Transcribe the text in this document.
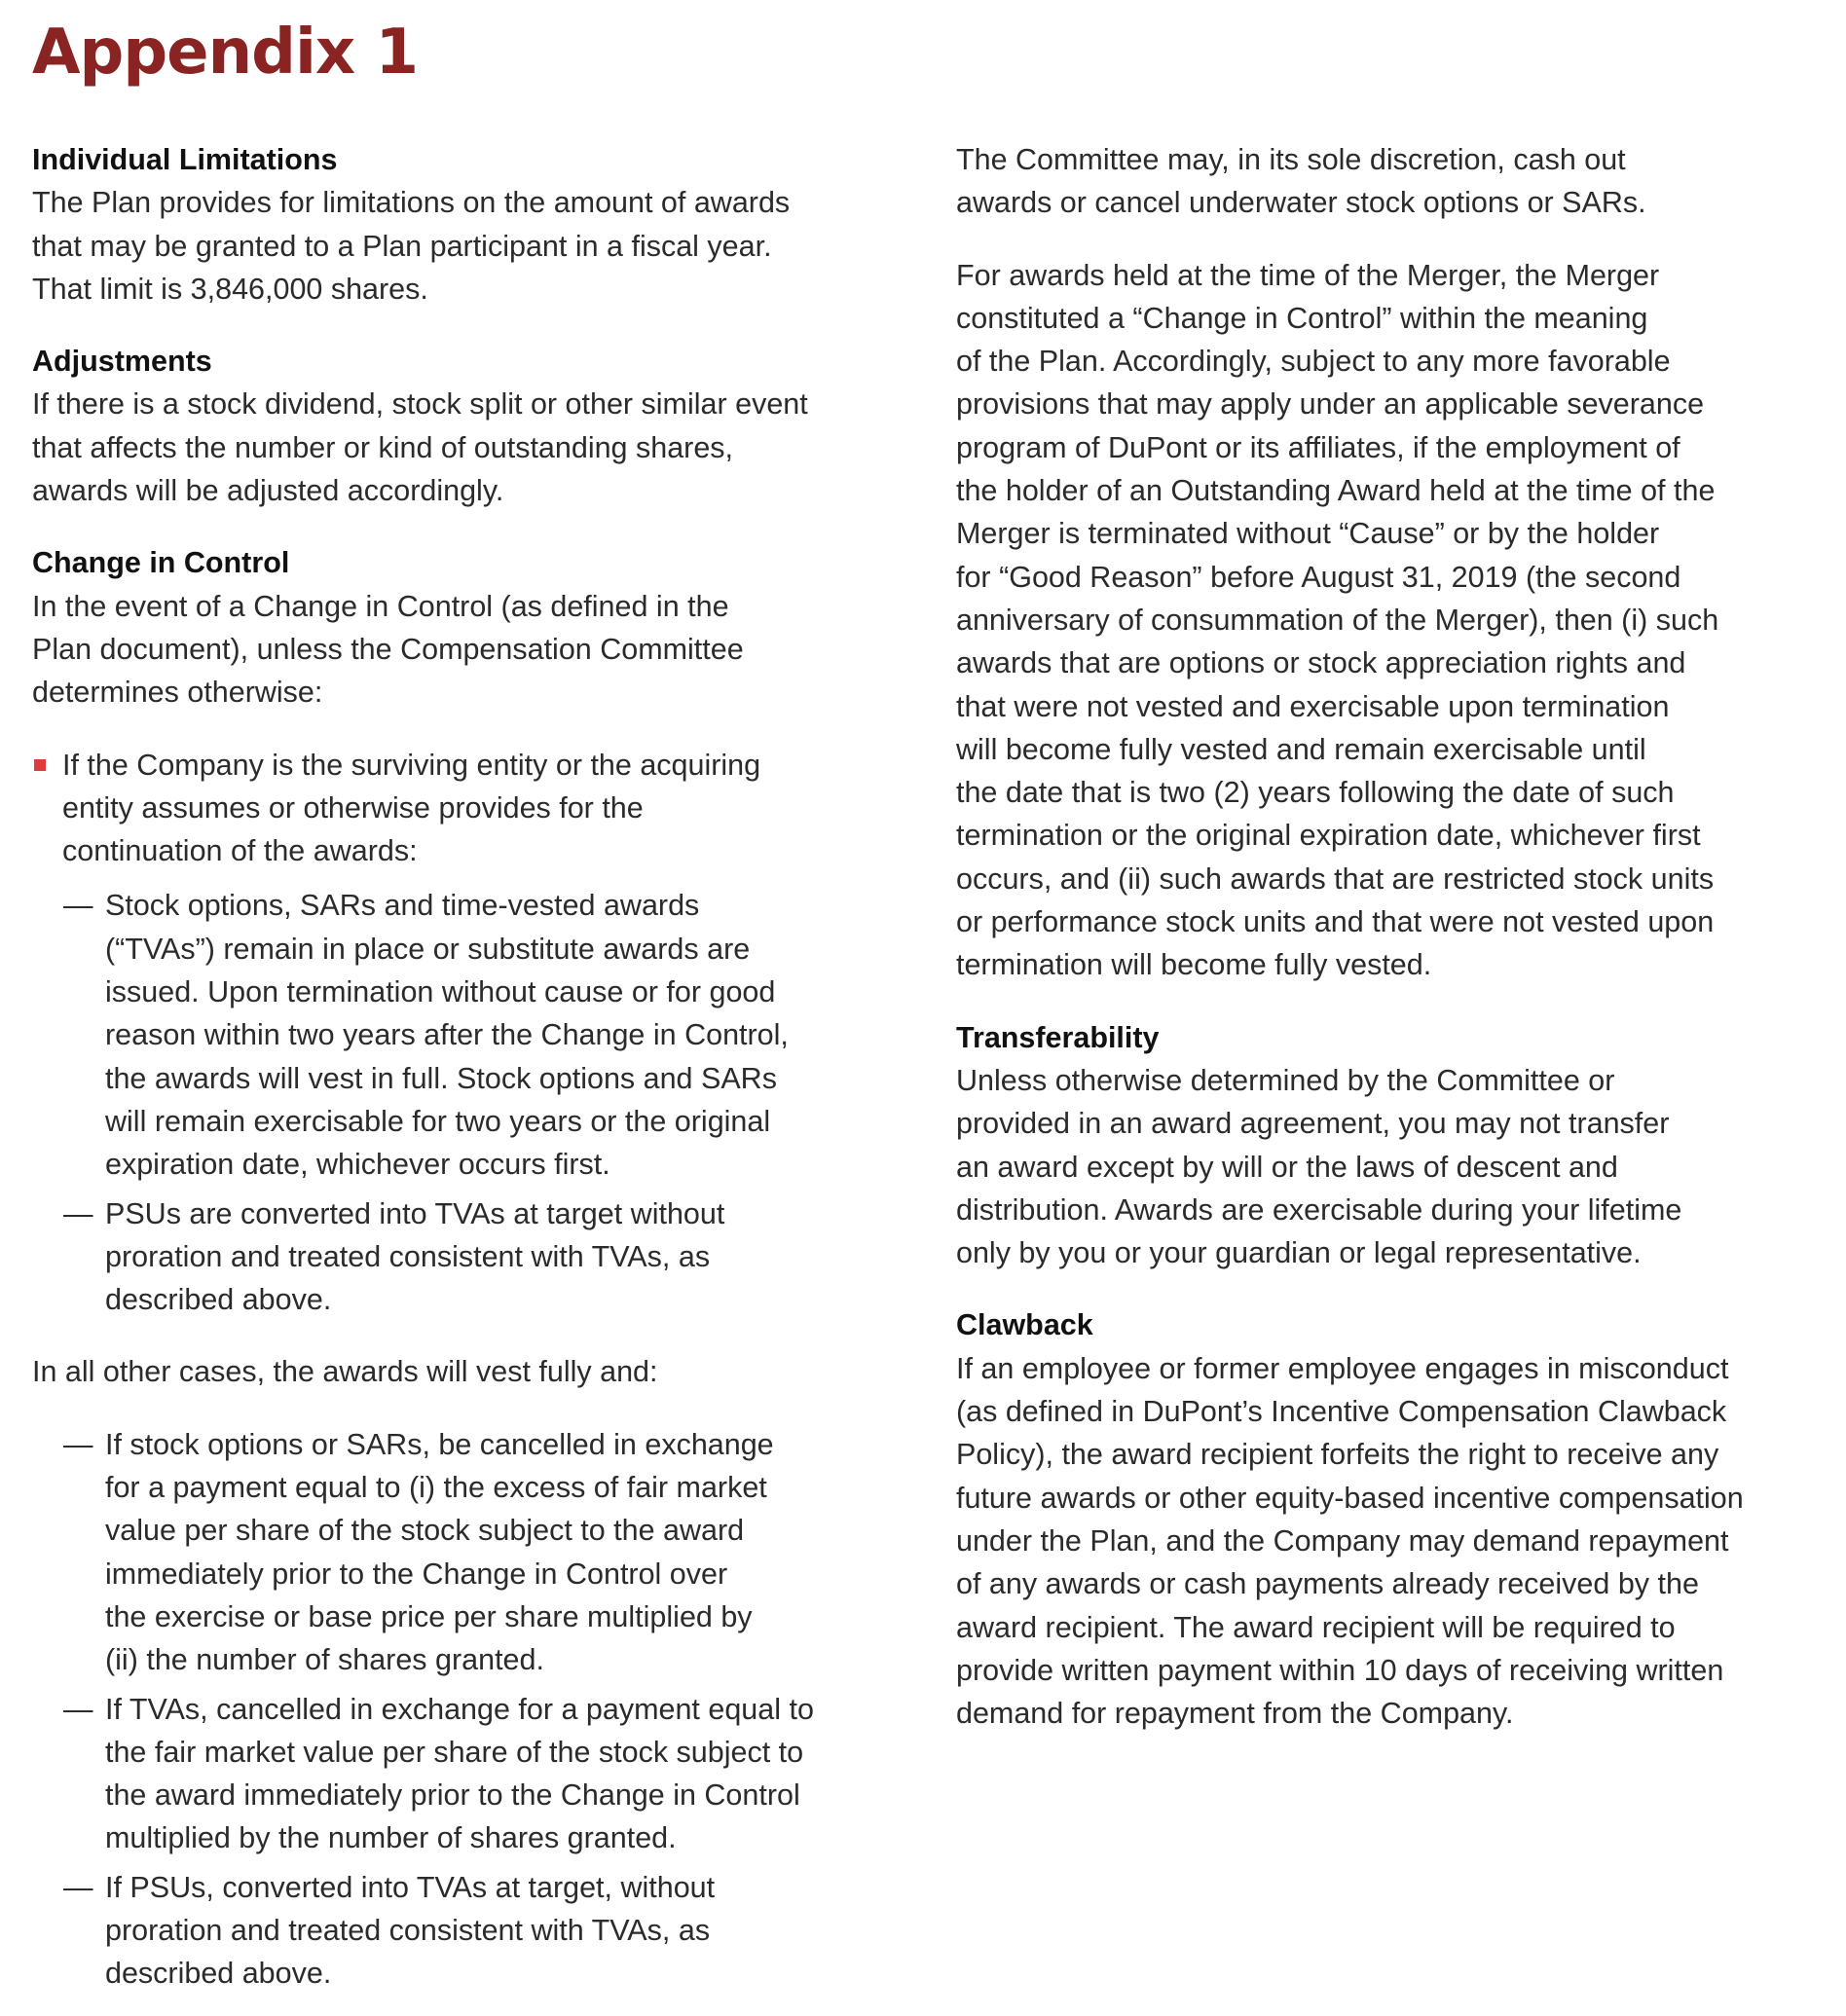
Appendix 1

Individual Limitations

The Plan provides for limitations on the amount of awards

that may be granted to a Plan participant in a fiscal year.

That limit is 3,846,000 shares.

Adjustments

If there is a stock dividend, stock split or other similar event

that affects the number or kind of outstanding shares,

awards will be adjusted accordingly.

Change in Control

In the event of a Change in Control (as defined in the

Plan document), unless the Compensation Committee

determines otherwise:

If the Company is the surviving entity or the acquiring

entity assumes or otherwise provides for the

continuation of the awards:

— Stock options, SARs and time-vested awards

(“TVAs”) remain in place or substitute awards are

issued. Upon termination without cause or for good

reason within two years after the Change in Control,

the awards will vest in full. Stock options and SARs

will remain exercisable for two years or the original

expiration date, whichever occurs first.

— PSUs are converted into TVAs at target without

proration and treated consistent with TVAs, as

described above.

In all other cases, the awards will vest fully and:

— If stock options or SARs, be cancelled in exchange

for a payment equal to (i) the excess of fair market

value per share of the stock subject to the award

immediately prior to the Change in Control over

the exercise or base price per share multiplied by

(ii) the number of shares granted.

— If TVAs, cancelled in exchange for a payment equal to

the fair market value per share of the stock subject to

the award immediately prior to the Change in Control

multiplied by the number of shares granted.

— If PSUs, converted into TVAs at target, without

proration and treated consistent with TVAs, as

described above.

The Committee may, in its sole discretion, cash out

awards or cancel underwater stock options or SARs.

For awards held at the time of the Merger, the Merger

constituted a “Change in Control” within the meaning

of the Plan. Accordingly, subject to any more favorable

provisions that may apply under an applicable severance

program of DuPont or its affiliates, if the employment of

the holder of an Outstanding Award held at the time of the

Merger is terminated without “Cause” or by the holder

for “Good Reason” before August 31, 2019 (the second

anniversary of consummation of the Merger), then (i) such

awards that are options or stock appreciation rights and

that were not vested and exercisable upon termination

will become fully vested and remain exercisable until

the date that is two (2) years following the date of such

termination or the original expiration date, whichever first

occurs, and (ii) such awards that are restricted stock units

or performance stock units and that were not vested upon

termination will become fully vested.

Transferability

Unless otherwise determined by the Committee or

provided in an award agreement, you may not transfer

an award except by will or the laws of descent and

distribution. Awards are exercisable during your lifetime

only by you or your guardian or legal representative.

Clawback

If an employee or former employee engages in misconduct

(as defined in DuPont’s Incentive Compensation Clawback

Policy), the award recipient forfeits the right to receive any

future awards or other equity-based incentive compensation

under the Plan, and the Company may demand repayment

of any awards or cash payments already received by the

award recipient. The award recipient will be required to

provide written payment within 10 days of receiving written

demand for repayment from the Company.
